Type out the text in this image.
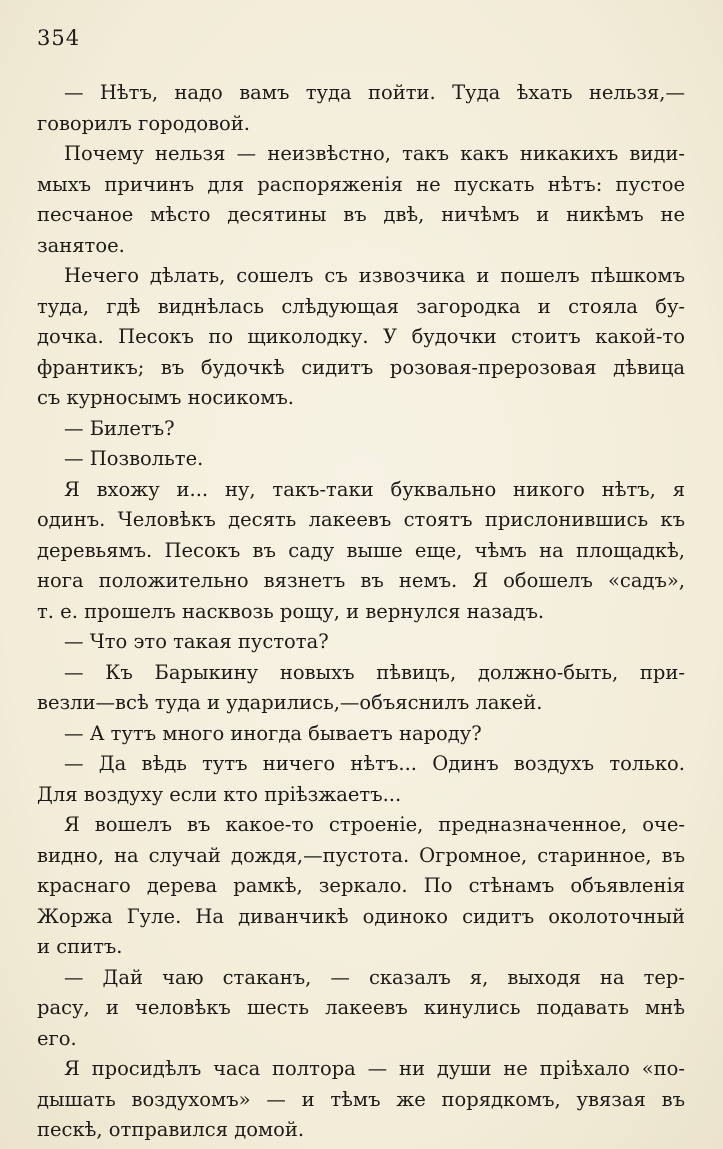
354
— Нѣтъ, надо вамъ туда пойти. Туда ѣхать нельзя,—
говорилъ городовой.
Почему нельзя — неизвѣстно, такъ какъ никакихъ види-
мыхъ причинъ для распоряженія не пускать нѣтъ: пустое
песчаное мѣсто десятины въ двѣ, ничѣмъ и никѣмъ не
занятое.
Нечего дѣлать, сошелъ съ извозчика и пошелъ пѣшкомъ
туда, гдѣ виднѣлась слѣдующая загородка и стояла бу-
дочка. Песокъ по щиколодку. У будочки стоитъ какой-то
франтикъ; въ будочкѣ сидитъ розовая-прерозовая дѣвица
съ курносымъ носикомъ.
— Билетъ?
— Позвольте.
Я вхожу и... ну, такъ-таки буквально никого нѣтъ, я
одинъ. Человѣкъ десять лакеевъ стоятъ прислонившись къ
деревьямъ. Песокъ въ саду выше еще, чѣмъ на площадкѣ,
нога положительно вязнетъ въ немъ. Я обошелъ «садъ»,
т. е. прошелъ насквозь рощу, и вернулся назадъ.
— Что это такая пустота?
— Къ Барыкину новыхъ пѣвицъ, должно-быть, при-
везли—всѣ туда и ударились,—объяснилъ лакей.
— А тутъ много иногда бываетъ народу?
— Да вѣдь тутъ ничего нѣтъ... Одинъ воздухъ только.
Для воздуху если кто пріѣзжаетъ...
Я вошелъ въ какое-то строеніе, предназначенное, оче-
видно, на случай дождя,—пустота. Огромное, старинное, въ
краснаго дерева рамкѣ, зеркало. По стѣнамъ объявленія
Жоржа Гуле. На диванчикѣ одиноко сидитъ околоточный
и спитъ.
— Дай чаю стаканъ, — сказалъ я, выходя на тер-
расу, и человѣкъ шесть лакеевъ кинулись подавать мнѣ
его.
Я просидѣлъ часа полтора — ни души не пріѣхало «по-
дышать воздухомъ» — и тѣмъ же порядкомъ, увязая въ
пескѣ, отправился домой.
